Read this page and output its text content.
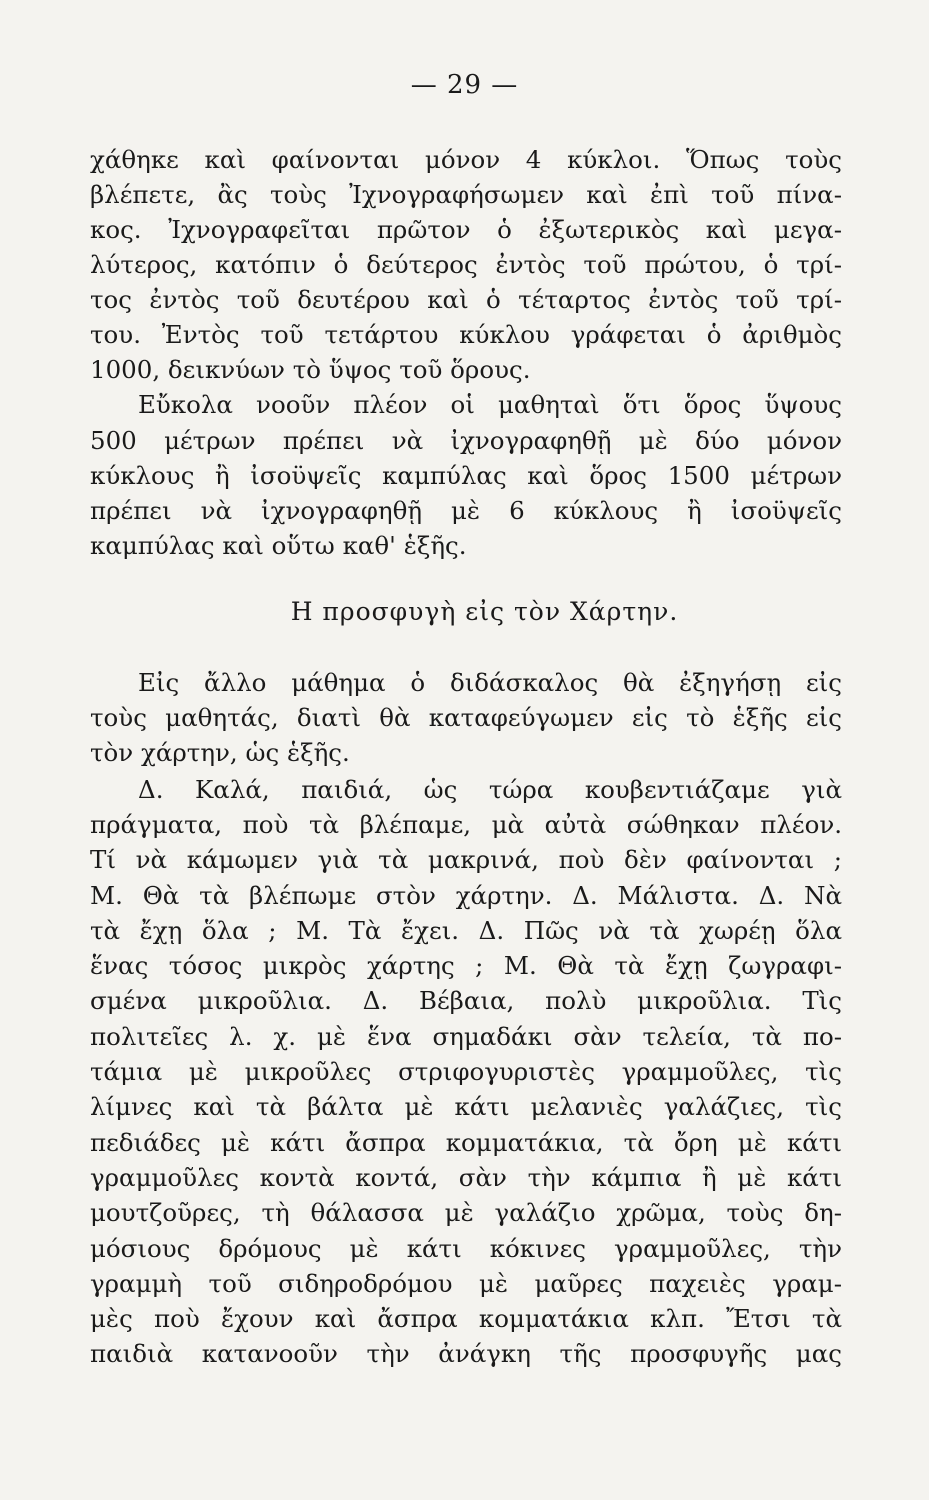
— 29 —
χάθηκε καὶ φαίνονται μόνον 4 κύκλοι. Ὅπως τοὺς
βλέπετε, ἂς τοὺς Ἰχνογραφήσωμεν καὶ ἐπὶ τοῦ πίνα-
κος. Ἰχνογραφεῖται πρῶτον ὁ ἐξωτερικὸς καὶ μεγα-
λύτερος, κατόπιν ὁ δεύτερος ἐντὸς τοῦ πρώτου, ὁ τρί-
τος ἐντὸς τοῦ δευτέρου καὶ ὁ τέταρτος ἐντὸς τοῦ τρί-
του. Ἐντὸς τοῦ τετάρτου κύκλου γράφεται ὁ ἀριθμὸς
1000, δεικνύων τὸ ὕψος τοῦ ὅρους.
Εὔκολα νοοῦν πλέον οἱ μαθηταὶ ὅτι ὅρος ὕψους
500 μέτρων πρέπει νὰ ἰχνογραφηθῇ μὲ δύο μόνον
κύκλους ἢ ἰσοϋψεῖς καμπύλας καὶ ὅρος 1500 μέτρων
πρέπει νὰ ἰχνογραφηθῇ μὲ 6 κύκλους ἢ ἰσοϋψεῖς
καμπύλας καὶ οὕτω καθ' ἑξῆς.
Η προσφυγὴ εἰς τὸν Χάρτην.
Εἰς ἄλλο μάθημα ὁ διδάσκαλος θὰ ἐξηγήσῃ εἰς
τοὺς μαθητάς, διατὶ θὰ καταφεύγωμεν εἰς τὸ ἑξῆς εἰς
τὸν χάρτην, ὡς ἑξῆς.
Δ. Καλά, παιδιά, ὡς τώρα κουβεντιάζαμε γιὰ
πράγματα, ποὺ τὰ βλέπαμε, μὰ αὐτὰ σώθηκαν πλέον.
Τί νὰ κάμωμεν γιὰ τὰ μακρινά, ποὺ δὲν φαίνονται ;
Μ. Θὰ τὰ βλέπωμε στὸν χάρτην. Δ. Μάλιστα. Δ. Νὰ
τὰ ἔχῃ ὅλα ; Μ. Τὰ ἔχει. Δ. Πῶς νὰ τὰ χωρέῃ ὅλα
ἕνας τόσος μικρὸς χάρτης ; Μ. Θὰ τὰ ἔχῃ ζωγραφι-
σμένα μικροῦλια. Δ. Βέβαια, πολὺ μικροῦλια. Τὶς
πολιτεῖες λ. χ. μὲ ἕνα σημαδάκι σὰν τελεία, τὰ πο-
τάμια μὲ μικροῦλες στριφογυριστὲς γραμμοῦλες, τὶς
λίμνες καὶ τὰ βάλτα μὲ κάτι μελανιὲς γαλάζιες, τὶς
πεδιάδες μὲ κάτι ἄσπρα κομματάκια, τὰ ὄρη μὲ κάτι
γραμμοῦλες κοντὰ κοντά, σὰν τὴν κάμπια ἢ μὲ κάτι
μουτζοῦρες, τὴ θάλασσα μὲ γαλάζιο χρῶμα, τοὺς δη-
μόσιους δρόμους μὲ κάτι κόκινες γραμμοῦλες, τὴν
γραμμὴ τοῦ σιδηροδρόμου μὲ μαῦρες παχειὲς γραμ-
μὲς ποὺ ἔχουν καὶ ἄσπρα κομματάκια κλπ. Ἔτσι τὰ
παιδιὰ κατανοοῦν τὴν ἀνάγκη τῆς προσφυγῆς μας
